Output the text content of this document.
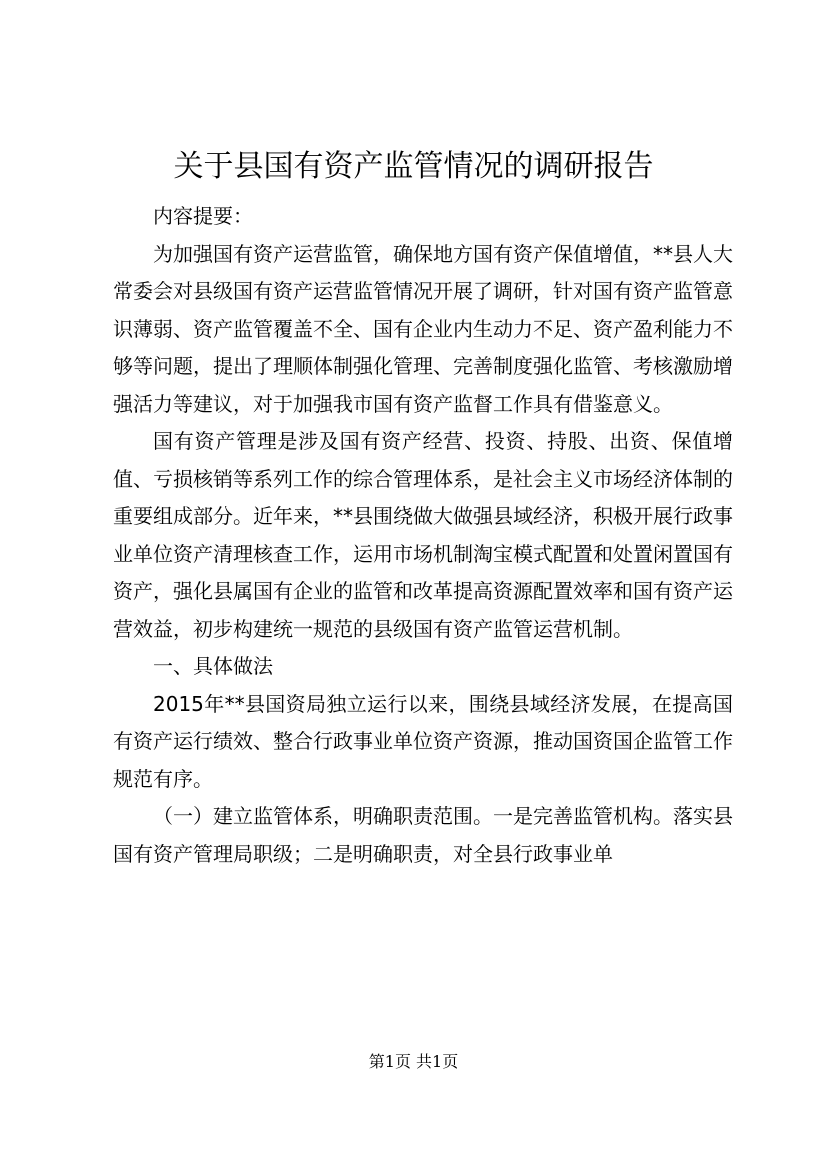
关于县国有资产监管情况的调研报告

内容提要：

为加强国有资产运营监管，确保地方国有资产保值增值，**县人大常委会对县级国有资产运营监管情况开展了调研，针对国有资产监管意识薄弱、资产监管覆盖不全、国有企业内生动力不足、资产盈利能力不够等问题，提出了理顺体制强化管理、完善制度强化监管、考核激励增强活力等建议，对于加强我市国有资产监督工作具有借鉴意义。

国有资产管理是涉及国有资产经营、投资、持股、出资、保值增值、亏损核销等系列工作的综合管理体系，是社会主义市场经济体制的重要组成部分。近年来，**县围绕做大做强县域经济，积极开展行政事业单位资产清理核查工作，运用市场机制淘宝模式配置和处置闲置国有资产，强化县属国有企业的监管和改革提高资源配置效率和国有资产运营效益，初步构建统一规范的县级国有资产监管运营机制。

一、具体做法

2015年**县国资局独立运行以来，围绕县域经济发展，在提高国有资产运行绩效、整合行政事业单位资产资源，推动国资国企监管工作规范有序。

（一）建立监管体系，明确职责范围。一是完善监管机构。落实县国有资产管理局职级；二是明确职责，对全县行政事业单

第1页 共1页
